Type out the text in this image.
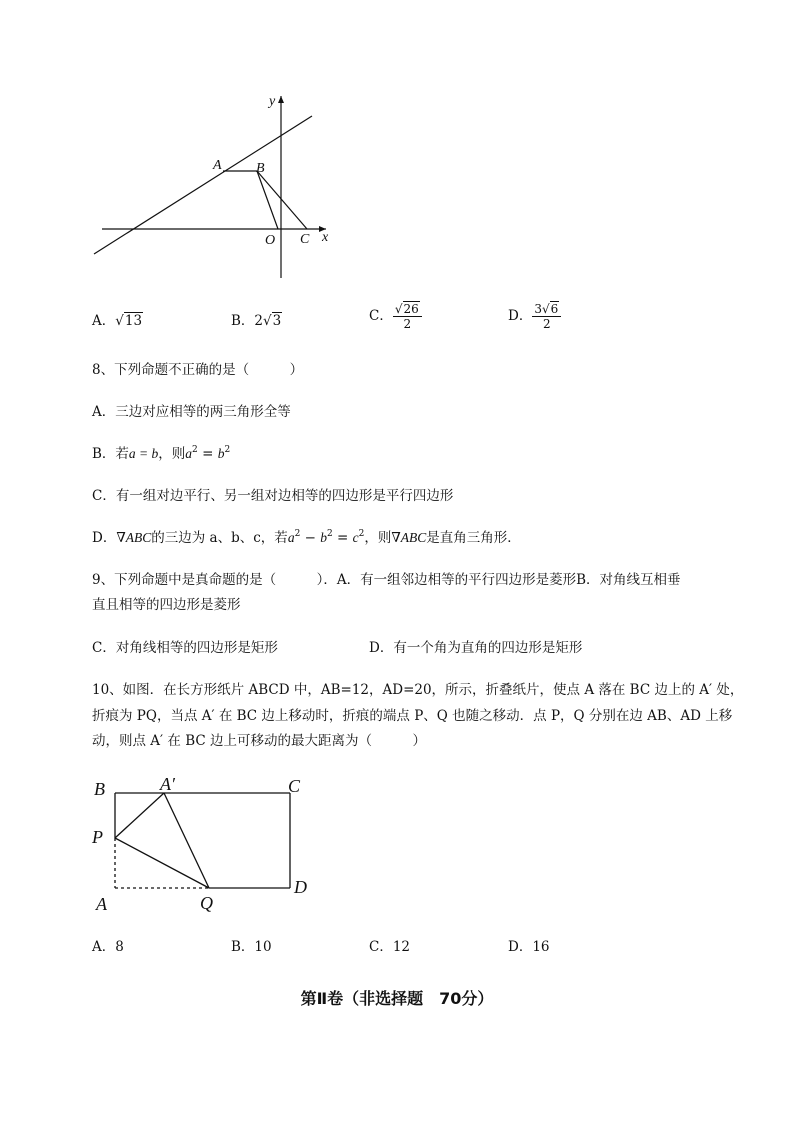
y
x
O
A B
C
A．√13	B．2√3	C． $\frac{√26}{2}$	D． $\frac{3√6}{2}$
8、下列命题不正确的是（　　　）
A．三边对应相等的两三角形全等
B．若a = b，则$a^2 = b^2$
C．有一组对边平行、另一组对边相等的四边形是平行四边形
D．∇ABC的三边为 a、b、c，若$a^2 - b^2 = c^2$，则∇ABC是直角三角形．
9、下列命题中是真命题的是（　　　）．A．有一组邻边相等的平行四边形是菱形B．对角线互相垂
直且相等的四边形是菱形
C．对角线相等的四边形是矩形	D．有一个角为直角的四边形是矩形
10、如图．在长方形纸片 ABCD 中，AB=12，AD=20，所示，折叠纸片，使点 A 落在 BC 边上的 A′ 处，
折痕为 PQ，当点 A′ 在 BC 边上移动时，折痕的端点 P、Q 也随之移动．点 P，Q 分别在边 AB、AD 上移
动，则点 A′ 在 BC 边上可移动的最大距离为（　　　）
B	A′	C
P
A	Q
D
A．8	B．10	C．12	D．16
第Ⅱ卷（非选择题　70分）
